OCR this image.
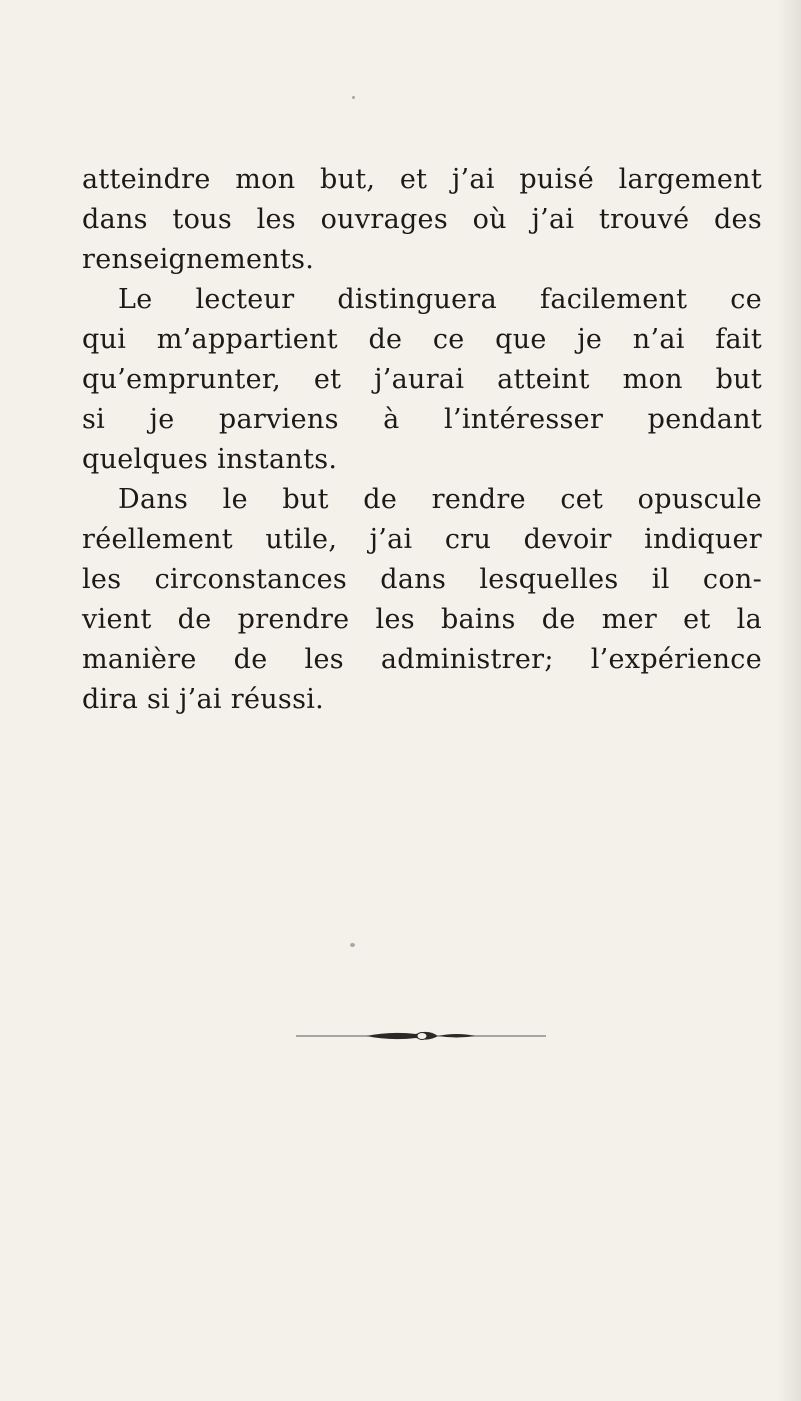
atteindre mon but, et j’ai puisé largement
dans tous les ouvrages où j’ai trouvé des
renseignements.
Le lecteur distinguera facilement ce
qui m’appartient de ce que je n’ai fait
qu’emprunter, et j’aurai atteint mon but
si je parviens à l’intéresser pendant
quelques instants.
Dans le but de rendre cet opuscule
réellement utile, j’ai cru devoir indiquer
les circonstances dans lesquelles il con-
vient de prendre les bains de mer et la
manière de les administrer; l’expérience
dira si j’ai réussi.
